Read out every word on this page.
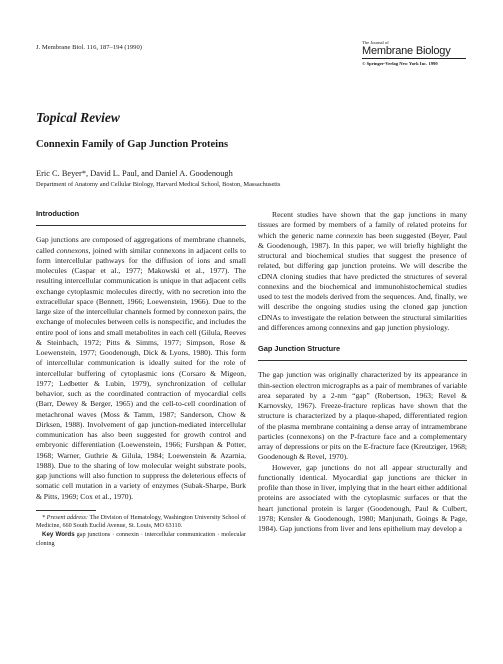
J. Membrane Biol. 116, 187–194 (1990)

The Journal of

Membrane Biology

© Springer-Verlag New York Inc. 1990

Topical Review
Connexin Family of Gap Junction Proteins
Eric C. Beyer*, David L. Paul, and Daniel A. Goodenough
Department of Anatomy and Cellular Biology, Harvard Medical School, Boston, Massachusetts
Introduction

Gap junctions are composed of aggregations of membrane channels, called connexons, joined with similar connexons in adjacent cells to form intercellular pathways for the diffusion of ions and small molecules (Caspar et al., 1977; Makowski et al., 1977). The resulting intercellular communication is unique in that adjacent cells exchange cytoplasmic molecules directly, with no secretion into the extracellular space (Bennett, 1966; Loewenstein, 1966). Due to the large size of the intercellular channels formed by connexon pairs, the exchange of molecules between cells is nonspecific, and includes the entire pool of ions and small metabolites in each cell (Gilula, Reeves & Steinbach, 1972; Pitts & Simms, 1977; Simpson, Rose & Loewenstein, 1977; Goodenough, Dick & Lyons, 1980). This form of intercellular communication is ideally suited for the role of intercellular buffering of cytoplasmic ions (Corsaro & Migeon, 1977; Ledbetter & Lubin, 1979), synchronization of cellular behavior, such as the coordinated contraction of myocardial cells (Barr, Dewey & Berger, 1965) and the cell-to-cell coordination of metachronal waves (Moss & Tamm, 1987; Sanderson, Chow & Dirksen, 1988). Involvement of gap junction-mediated intercellular communication has also been suggested for growth control and embryonic differentiation (Loewenstein, 1966; Furshpan & Potter, 1968; Warner, Guthrie & Gilula, 1984; Loewenstein & Azarnia, 1988). Due to the sharing of low molecular weight substrate pools, gap junctions will also function to suppress the deleterious effects of somatic cell mutation in a variety of enzymes (Subak-Sharpe, Burk & Pitts, 1969; Cox et al., 1970).

* Present address: The Division of Hematology, Washington University School of Medicine, 660 South Euclid Avenue, St. Louis, MO 63110.

Key Words gap junctions · connexin · intercellular communication · molecular cloning

Recent studies have shown that the gap junctions in many tissues are formed by members of a family of related proteins for which the generic name connexin has been suggested (Beyer, Paul & Goodenough, 1987). In this paper, we will briefly highlight the structural and biochemical studies that suggest the presence of related, but differing gap junction proteins. We will describe the cDNA cloning studies that have predicted the structures of several connexins and the biochemical and immunohistochemical studies used to test the models derived from the sequences. And, finally, we will describe the ongoing studies using the cloned gap junction cDNAs to investigate the relation between the structural similarities and differences among connexins and gap junction physiology.

Gap Junction Structure

The gap junction was originally characterized by its appearance in thin-section electron micrographs as a pair of membranes of variable area separated by a 2-nm “gap” (Robertson, 1963; Revel & Karnovsky, 1967). Freeze-fracture replicas have shown that the structure is characterized by a plaque-shaped, differentiated region of the plasma membrane containing a dense array of intramembrane particles (connexons) on the P-fracture face and a complementary array of depressions or pits on the E-fracture face (Kreutziger, 1968; Goodenough & Revel, 1970).

However, gap junctions do not all appear structurally and functionally identical. Myocardial gap junctions are thicker in profile than those in liver, implying that in the heart either additional proteins are associated with the cytoplasmic surfaces or that the heart junctional protein is larger (Goodenough, Paul & Culbert, 1978; Kensler & Goodenough, 1980; Manjunath, Goings & Page, 1984). Gap junctions from liver and lens epithelium may develop a
